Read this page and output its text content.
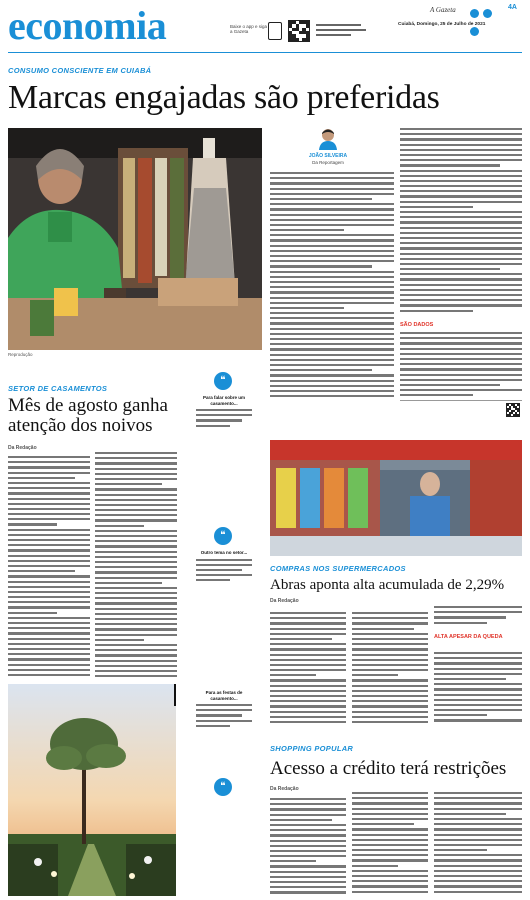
economia	Baixe o app e siga a Gazeta
A Gazeta
	4A
Cuiabá, Domingo, 25 de Julho de 2021
CONSUMO CONSCIENTE EM CUIABÁ
Marcas engajadas são preferidas
Reprodução
JOÃO SILVEIRA
Da Reportagem
SÃO DADOS
SETOR DE CASAMENTOS
Mês de agosto ganha
atenção dos noivos
Da Redação
❝
Para falar sobre um casamento...
❝
Outro tema no setor...
Para as festas de casamento...
❝
COMPRAS NOS SUPERMERCADOS
Abras aponta alta acumulada de 2,29%
Da Redação
ALTA APESAR DA QUEDA
SHOPPING POPULAR
Acesso a crédito terá restrições
Da Redação
